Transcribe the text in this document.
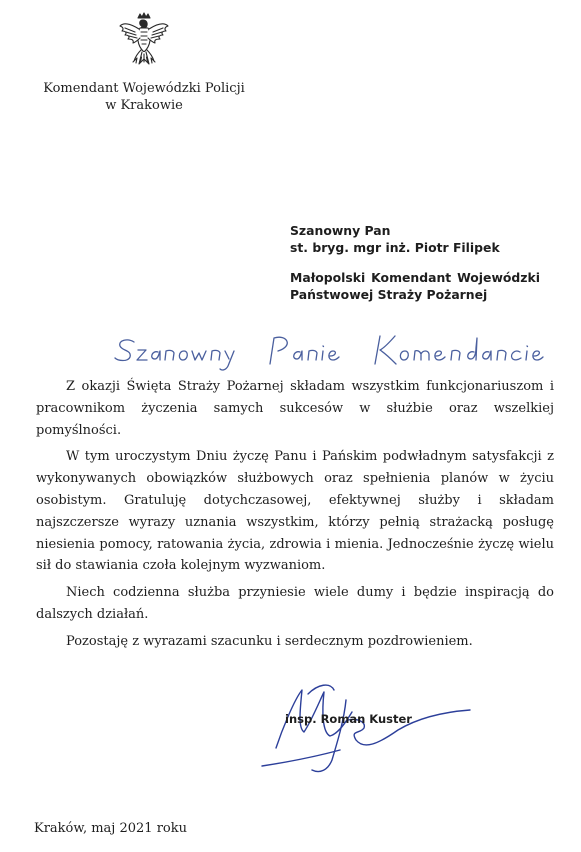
Komendant Wojewódzki Policji
w Krakowie
Szanowny Pan
st. bryg. mgr inż. Piotr Filipek
Małopolski Komendant Wojewódzki
Państwowej Straży Pożarnej

Z okazji Święta Straży Pożarnej składam wszystkim funkcjonariuszom i pracownikom życzenia samych sukcesów w służbie oraz wszelkiej pomyślności.

W tym uroczystym Dniu życzę Panu i Pańskim podwładnym satysfakcji z wykonywanych obowiązków służbowych oraz spełnienia planów w życiu osobistym. Gratuluję dotychczasowej, efektywnej służby i składam najszczersze wyrazy uznania wszystkim, którzy pełnią strażacką posługę niesienia pomocy, ratowania życia, zdrowia i mienia. Jednocześnie życzę wielu sił do stawiania czoła kolejnym wyzwaniom.

Niech codzienna służba przyniesie wiele dumy i będzie inspiracją do dalszych działań.

Pozostaję z wyrazami szacunku i serdecznym pozdrowieniem.

insp. Roman Kuster
Kraków, maj 2021 roku
